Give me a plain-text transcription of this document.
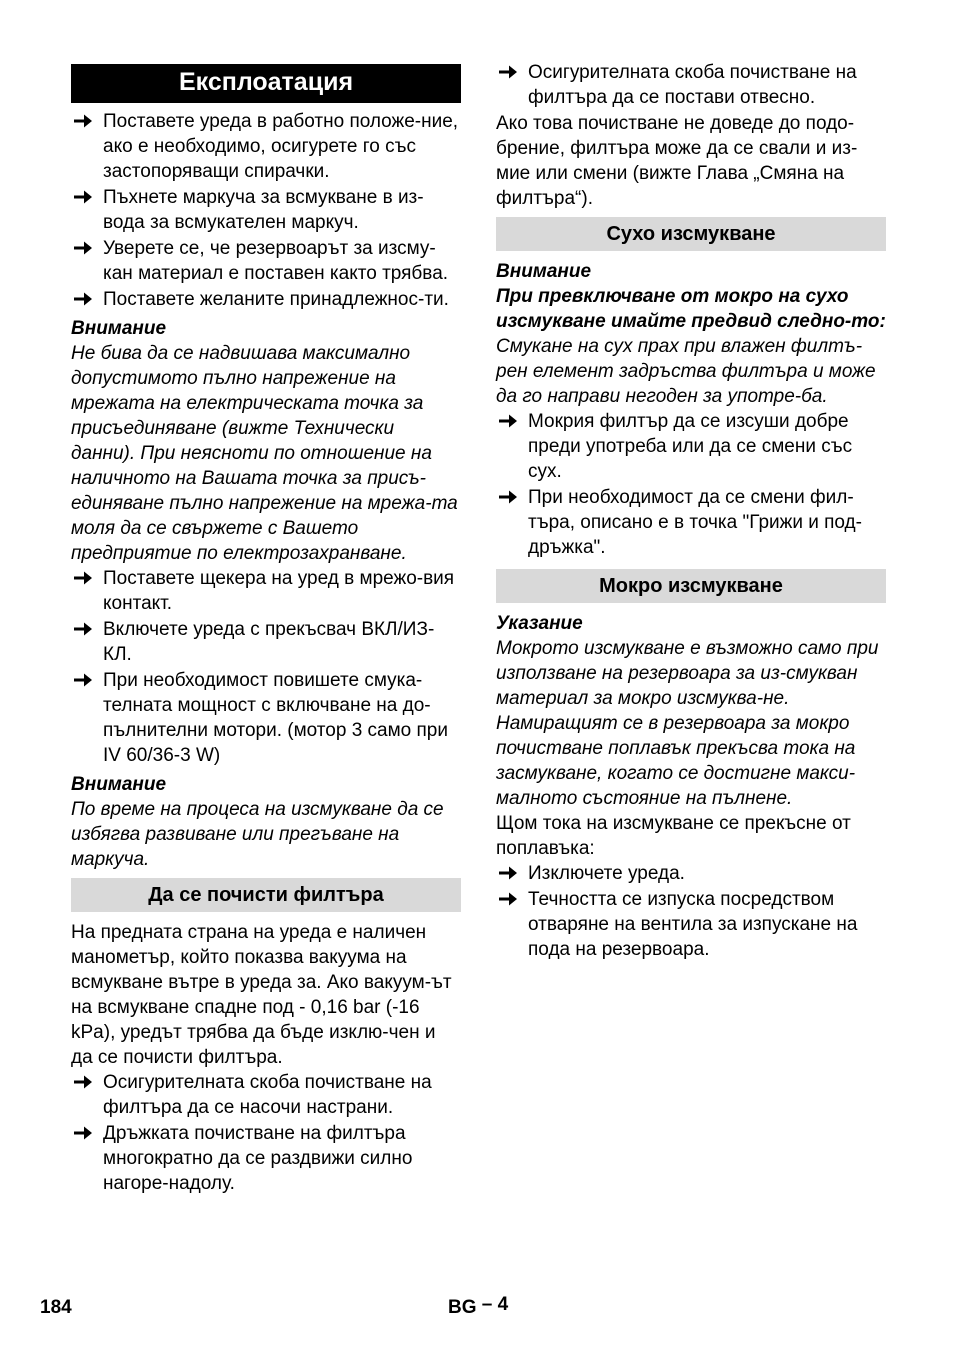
Експлоатация
Поставете уреда в работно положе-ние, ако е необходимо, осигурете го със застопоряващи спирачки.
Пъхнете маркуча за всмукване в из-вода за всмукателен маркуч.
Уверете се, че резервоарът за изсму-кан материал е поставен както трябва.
Поставете желаните принадлежнос-ти.

Внимание

Не бива да се надвишава максимално допустимото пълно напрежение на мрежата на електрическата точка за присъединяване (вижте Технически данни). При неясноти по отношение на наличното на Вашата точка за присъ-единяване пълно напрежение на мрежа-та моля да се свържете с Вашето предприятие по електрозахранване.

Поставете щекера на уред в мрежо-вия контакт.
Включете уреда с прекъсвач ВКЛ/ИЗ-КЛ.
При необходимост повишете смука-телната мощност с включване на до-пълнителни мотори. (мотор 3 само при IV 60/36-3 W)

Внимание

По време на процеса на изсмукване да се избягва развиване или прегъване на маркуча.

Да се почисти филтъра

На предната страна на уреда е наличен манометър, който показва вакуума на всмукване вътре в уреда за. Ако вакуум-ът на всмукване спадне под - 0,16 bar (-16 kPa), уредът трябва да бъде изклю-чен и да се почисти филтъра.

Осигурителната скоба почистване на филтъра да се насочи настрани.
Дръжката почистване на филтъра многократно да се раздвижи силно нагоре-надолу.
Осигурителната скоба почистване на филтъра да се постави отвесно.

Ако това почистване не доведе до подо-брение, филтъра може да се свали и из-мие или смени (вижте Глава „Смяна на филтъра“).

Сухо изсмукване

Внимание

При превключване от мокро на сухо изсмукване имайте предвид следно-то:

Смукане на сух прах при влажен филтъ-рен елемент задръства филтъра и може да го направи негоден за употре-ба.

Мокрия филтър да се изсуши добре преди употреба или да се смени със сух.
При необходимост да се смени фил-търа, описано е в точка "Грижи и под-дръжка".
Мокро изсмукване

Указание

Мокрото изсмукване е възможно само при използване на резервоара за из-смукван материал за мокро изсмуква-не.

Намиращият се в резервоара за мокро почистване поплавък прекъсва тока на засмукване, когато се достигне макси-малното състояние на пълнене.

Щом тока на изсмукване се прекъсне от поплавъка:

Изключете уреда.
Течността се изпуска посредством отваряне на вентила за изпускане на пода на резервоара.
184	BG – 4
